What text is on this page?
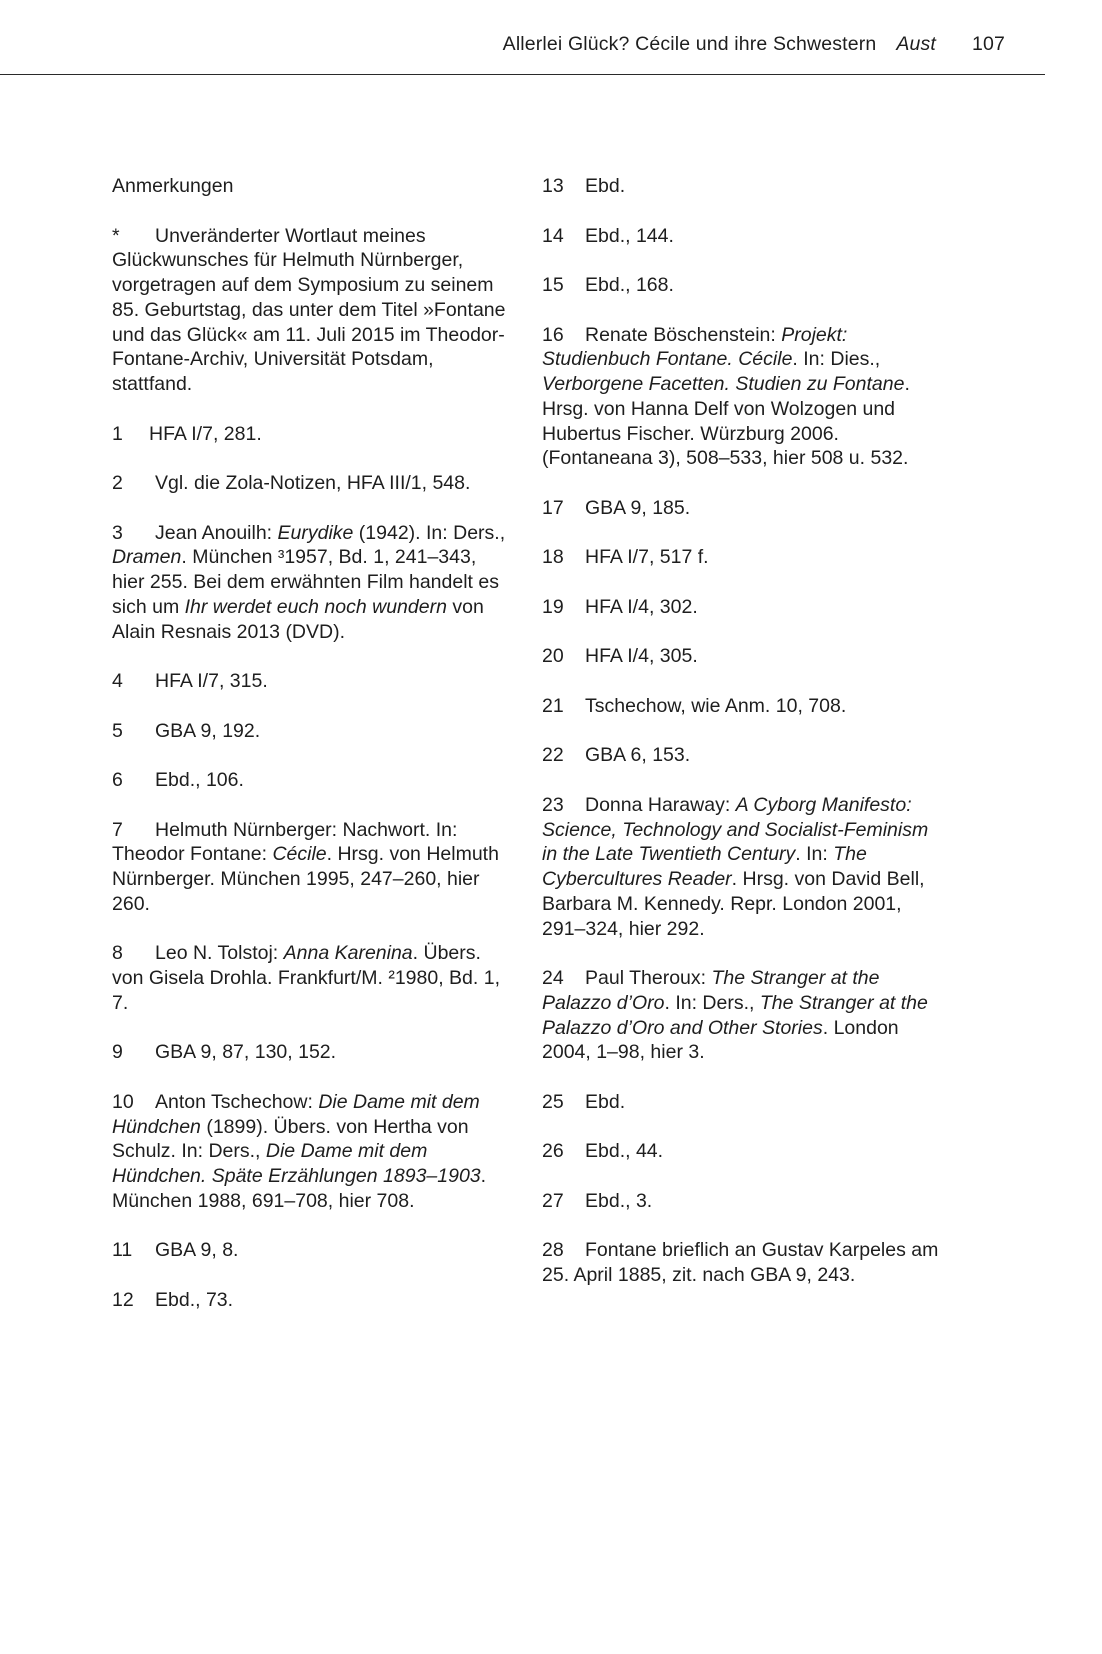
Allerlei Glück? Cécile und ihre Schwestern Aust 107

Anmerkungen

* Unveränderter Wortlaut meines Glückwunsches für Helmuth Nürnberger, vorgetragen auf dem Symposium zu seinem 85. Geburtstag, das unter dem Titel »Fontane und das Glück« am 11. Juli 2015 im Theodor-Fontane-Archiv, Universität Potsdam, stattfand.

1 HFA I/7, 281.

2 Vgl. die Zola-Notizen, HFA III/1, 548.

3 Jean Anouilh: Eurydike (1942). In: Ders., Dramen. München ³1957, Bd. 1, 241–343, hier 255. Bei dem erwähnten Film handelt es sich um Ihr werdet euch noch wundern von Alain Resnais 2013 (DVD).

4 HFA I/7, 315.

5 GBA 9, 192.

6 Ebd., 106.

7 Helmuth Nürnberger: Nachwort. In: Theodor Fontane: Cécile. Hrsg. von Helmuth Nürnberger. München 1995, 247–260, hier 260.

8 Leo N. Tolstoj: Anna Karenina. Übers. von Gisela Drohla. Frankfurt/M. ²1980, Bd. 1, 7.

9 GBA 9, 87, 130, 152.

10 Anton Tschechow: Die Dame mit dem Hündchen (1899). Übers. von Hertha von Schulz. In: Ders., Die Dame mit dem Hündchen. Späte Erzählungen 1893–1903. München 1988, 691–708, hier 708.

11 GBA 9, 8.

12 Ebd., 73.

13 Ebd.

14 Ebd., 144.

15 Ebd., 168.

16 Renate Böschenstein: Projekt: Studienbuch Fontane. Cécile. In: Dies., Verborgene Facetten. Studien zu Fontane. Hrsg. von Hanna Delf von Wolzogen und Hubertus Fischer. Würzburg 2006. (Fontaneana 3), 508–533, hier 508 u. 532.

17 GBA 9, 185.

18 HFA I/7, 517 f.

19 HFA I/4, 302.

20 HFA I/4, 305.

21 Tschechow, wie Anm. 10, 708.

22 GBA 6, 153.

23 Donna Haraway: A Cyborg Manifesto: Science, Technology and Socialist-Feminism in the Late Twentieth Century. In: The Cybercultures Reader. Hrsg. von David Bell, Barbara M. Kennedy. Repr. London 2001, 291–324, hier 292.

24 Paul Theroux: The Stranger at the Palazzo d’Oro. In: Ders., The Stranger at the Palazzo d’Oro and Other Stories. London 2004, 1–98, hier 3.

25 Ebd.

26 Ebd., 44.

27 Ebd., 3.

28 Fontane brieflich an Gustav Karpeles am 25. April 1885, zit. nach GBA 9, 243.
